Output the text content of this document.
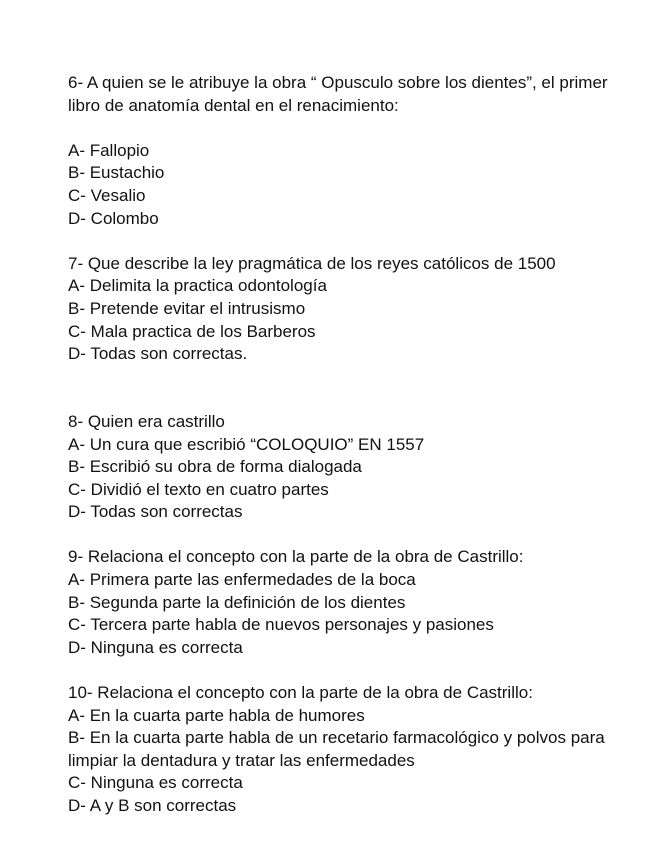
6- A quien se le atribuye la obra “ Opusculo sobre los dientes”, el primer libro de anatomía dental en el renacimiento:

A- Fallopio

B- Eustachio

C- Vesalio

D- Colombo

7- Que describe la ley pragmática de los reyes católicos de 1500

A- Delimita la practica odontología

B- Pretende evitar el intrusismo

C- Mala practica de los Barberos

D- Todas son correctas.

8- Quien era castrillo

A- Un cura que escribió “COLOQUIO” EN 1557

B- Escribió su obra de forma dialogada

C- Dividió el texto en cuatro partes

D- Todas son correctas

9- Relaciona el concepto con la parte de la obra de Castrillo:

A- Primera parte las enfermedades de la boca

B- Segunda parte la definición de los dientes

C- Tercera parte habla de nuevos personajes y pasiones

D- Ninguna es correcta

10- Relaciona el concepto con la parte de la obra de Castrillo:

A- En la cuarta parte habla de humores

B- En la cuarta parte habla de un recetario farmacológico y polvos para limpiar la dentadura y tratar las enfermedades

C- Ninguna es correcta

D- A y B son correctas
